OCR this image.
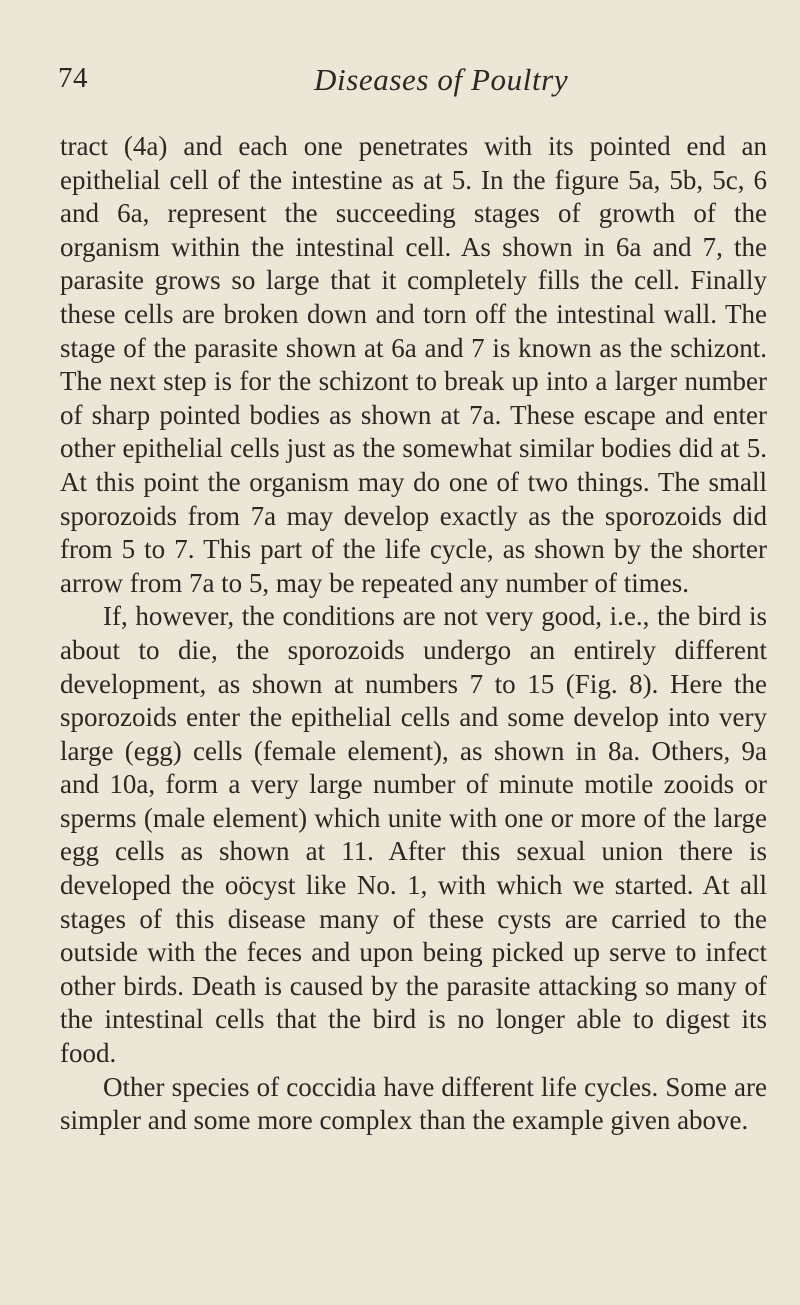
74	Diseases of Poultry

tract (4a) and each one penetrates with its pointed end an epithelial cell of the intestine as at 5. In the figure 5a, 5b, 5c, 6 and 6a, represent the succeeding stages of growth of the organism within the intestinal cell. As shown in 6a and 7, the parasite grows so large that it completely fills the cell. Finally these cells are broken down and torn off the intestinal wall. The stage of the parasite shown at 6a and 7 is known as the schizont. The next step is for the schizont to break up into a larger number of sharp pointed bodies as shown at 7a. These escape and enter other epithelial cells just as the somewhat similar bodies did at 5. At this point the organism may do one of two things. The small sporozoids from 7a may develop exactly as the sporozoids did from 5 to 7. This part of the life cycle, as shown by the shorter arrow from 7a to 5, may be repeated any number of times.

If, however, the conditions are not very good, i.e., the bird is about to die, the sporozoids undergo an entirely different development, as shown at numbers 7 to 15 (Fig. 8). Here the sporozoids enter the epithelial cells and some develop into very large (egg) cells (female element), as shown in 8a. Others, 9a and 10a, form a very large number of minute motile zooids or sperms (male element) which unite with one or more of the large egg cells as shown at 11. After this sexual union there is developed the oöcyst like No. 1, with which we started. At all stages of this disease many of these cysts are carried to the outside with the feces and upon being picked up serve to infect other birds. Death is caused by the parasite attacking so many of the intestinal cells that the bird is no longer able to digest its food.

Other species of coccidia have different life cycles. Some are simpler and some more complex than the example given above.
